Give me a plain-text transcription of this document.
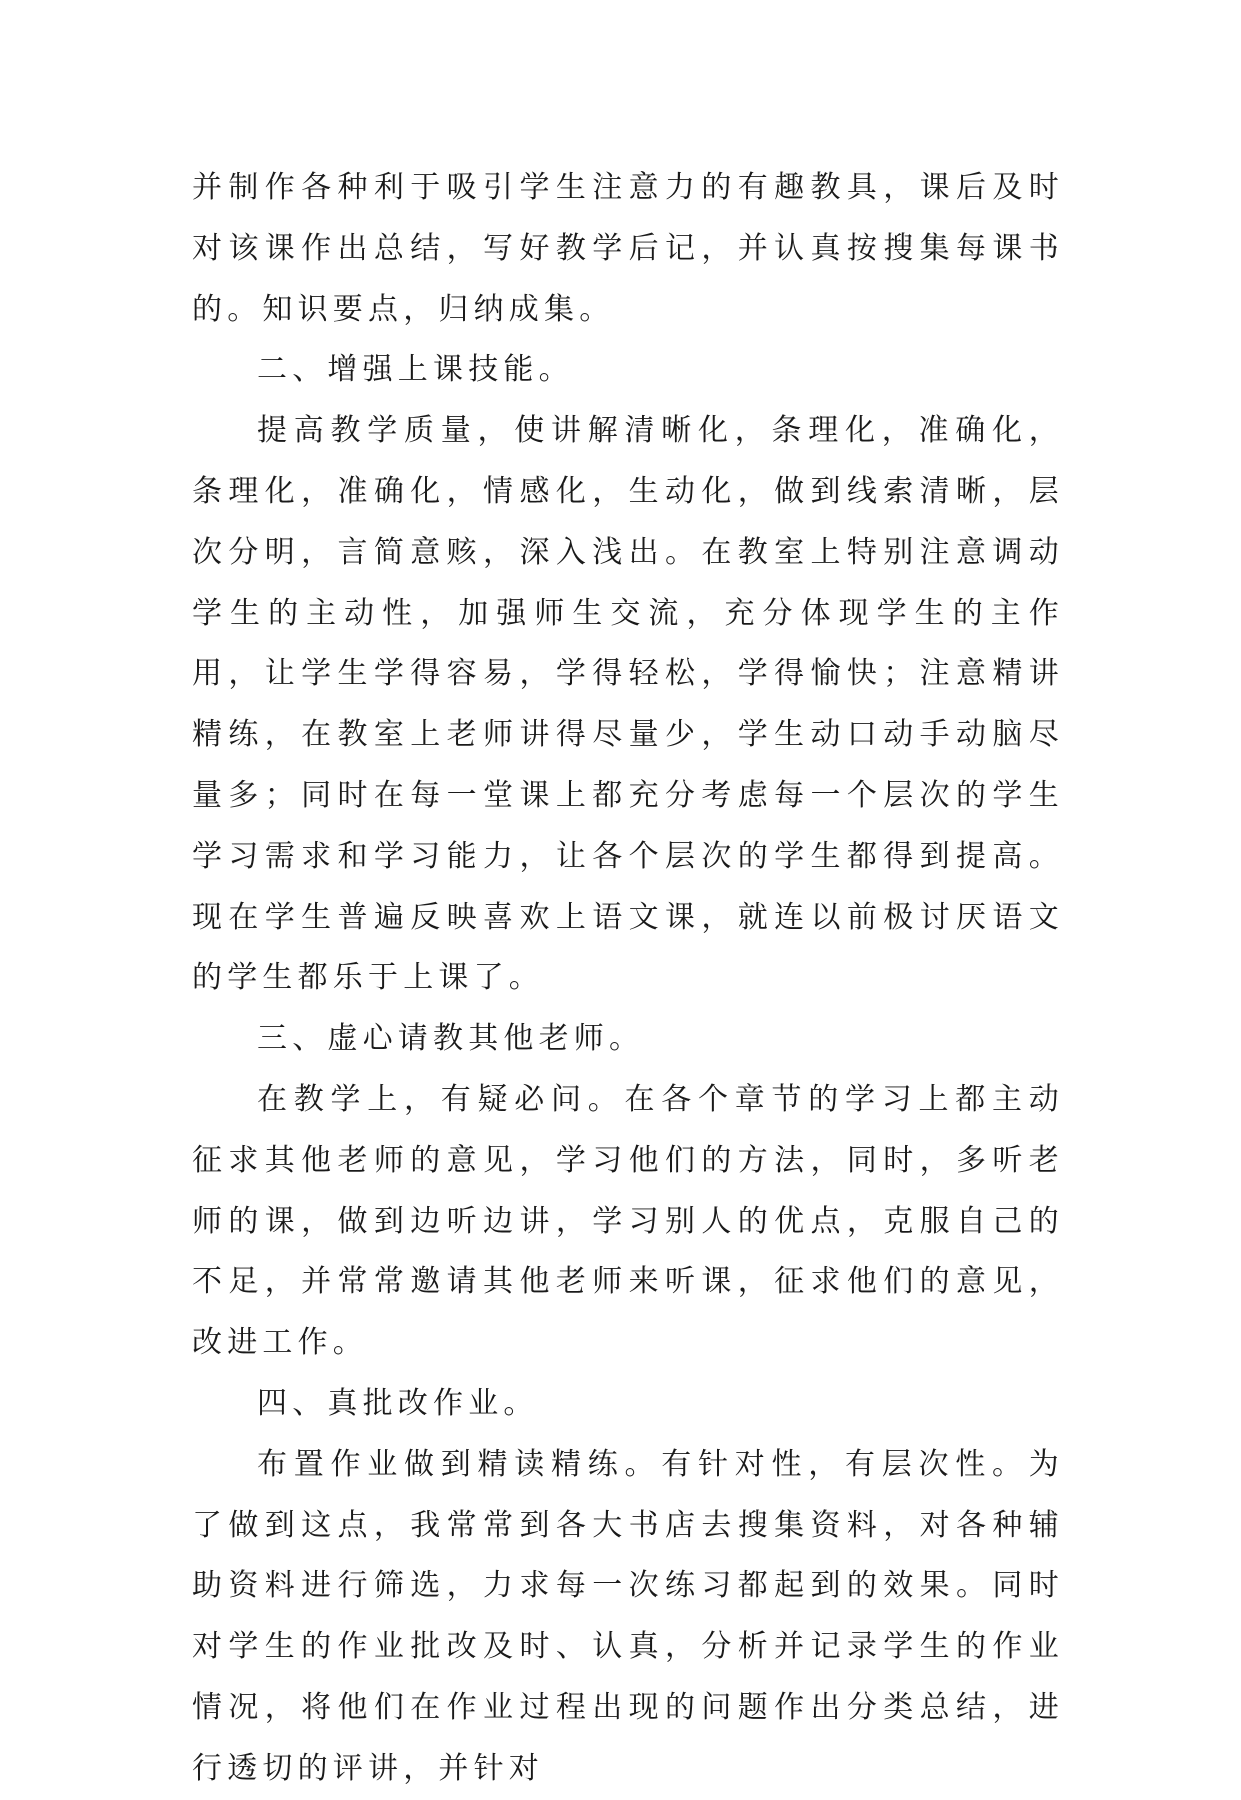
并制作各种利于吸引学生注意力的有趣教具，课后及时对该课作出总结，写好教学后记，并认真按搜集每课书的。知识要点，归纳成集。

二、增强上课技能。

提高教学质量，使讲解清晰化，条理化，准确化，条理化，准确化，情感化，生动化，做到线索清晰，层次分明，言简意赅，深入浅出。在教室上特别注意调动学生的主动性，加强师生交流，充分体现学生的主作用，让学生学得容易，学得轻松，学得愉快；注意精讲精练，在教室上老师讲得尽量少，学生动口动手动脑尽量多；同时在每一堂课上都充分考虑每一个层次的学生学习需求和学习能力，让各个层次的学生都得到提高。现在学生普遍反映喜欢上语文课，就连以前极讨厌语文的学生都乐于上课了。

三、虚心请教其他老师。

在教学上，有疑必问。在各个章节的学习上都主动征求其他老师的意见，学习他们的方法，同时，多听老师的课，做到边听边讲，学习别人的优点，克服自己的不足，并常常邀请其他老师来听课，征求他们的意见，改进工作。

四、真批改作业。

布置作业做到精读精练。有针对性，有层次性。为了做到这点，我常常到各大书店去搜集资料，对各种辅助资料进行筛选，力求每一次练习都起到的效果。同时对学生的作业批改及时、认真，分析并记录学生的作业情况，将他们在作业过程出现的问题作出分类总结，进行透切的评讲，并针对
